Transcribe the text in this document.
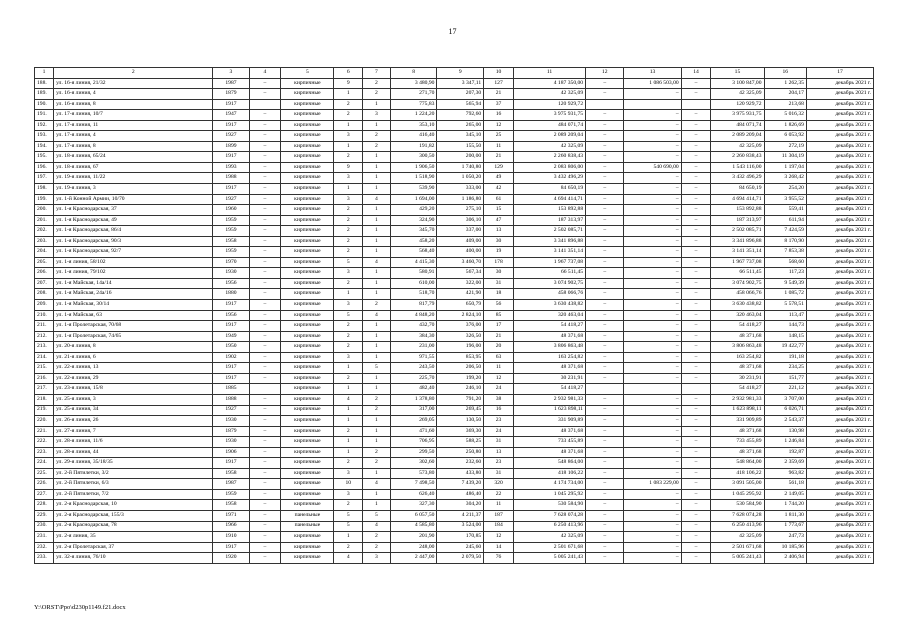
17
1	2	3	4	5	6	7	8	9	10	11	12	13	14	15	16	17
188.	ул. 16-я линия, 21/32	1987	–	кирпичные	9	2	3 480,90	3 347,11	127	4 187 350,00	–	1 086 503,00	–	3 100 847,00	1 262,35	декабрь 2021 г.
189.	ул. 16-я линия, 4	1879	–	кирпичные	1	2	271,70	207,30	21	42 325,09	–	–	–	42 325,09	204,17	декабрь 2021 г.
190.	ул. 16-я линия, 8	1917		кирпичные	2	1	775,83	565,94	37	120 929,72				120 929,72	213,68	декабрь 2021 г.
191.	ул. 17-я линия, 10/7	1947	–	кирпичные	2	3	1 224,20	792,60	16	3 975 931,75	–	–	–	3 975 931,75	5 016,32	декабрь 2021 г.
192.	ул. 17-я линия, 11	1917	–	кирпичные	1	1	353,10	265,00	12	484 071,74	–	–	–	484 071,74	1 826,69	декабрь 2021 г.
193.	ул. 17-я линия, 4	1927	–	кирпичные	3	2	416,40	345,10	25	2 089 209,04	–	–	–	2 089 209,04	6 053,92	декабрь 2021 г.
194.	ул. 17-я линия, 8	1899	–	кирпичные	1	2	191,82	155,50	11	42 325,09	–	–	–	42 325,09	272,19	декабрь 2021 г.
195.	ул. 18-я линия, 65/24	1917	–	кирпичные	2	1	300,50	200,00	21	2 260 838,43	–	–	–	2 260 838,43	11 304,19	декабрь 2021 г.
196.	ул. 18-я линия, 67	1993	–	кирпичные	9	1	1 906,50	1 740,80	129	2 083 806,00	–	540 690,00	–	1 543 116,00	1 197,04	декабрь 2021 г.
197.	ул. 19-я линия, 11/22	1988	–	кирпичные	3	1	1 518,90	1 050,20	49	3 432 496,29	–	–	–	3 432 496,29	3 268,42	декабрь 2021 г.
198.	ул. 19-я линия, 3	1917	–	кирпичные	1	1	539,90	333,00	42	84 650,19	–	–	–	84 650,19	254,20	декабрь 2021 г.
199.	ул. 1-й Конной Армии, 10/70	1927	–	кирпичные	3	4	1 694,00	1 186,80	61	4 694 414,71	–	–	–	4 694 414,71	3 955,52	декабрь 2021 г.
200.	ул. 1-я Краснодарская, 37	1960	–	кирпичные	2	1	429,20	275,10	15	153 892,88	–	–	–	153 892,88	559,41	декабрь 2021 г.
201.	ул. 1-я Краснодарская, 49	1959	–	кирпичные	2	1	324,90	306,10	47	187 313,97	–	–	–	187 313,97	611,94	декабрь 2021 г.
202.	ул. 1-я Краснодарская, 86/4	1959	–	кирпичные	2	1	345,70	337,00	13	2 502 085,71	–	–	–	2 502 085,71	7 424,59	декабрь 2021 г.
203.	ул. 1-я Краснодарская, 90/3	1958	–	кирпичные	2	1	458,20	409,00	30	3 341 896,88	–	–	–	3 341 896,88	8 170,90	декабрь 2021 г.
204.	ул. 1-я Краснодарская, 92/7	1959	–	кирпичные	2	1	568,40	400,00	19	3 141 351,14	–	–	–	3 141 351,14	7 853,38	декабрь 2021 г.
205.	ул. 1-я линия, 58/102	1970	–	кирпичные	5	4	4 415,30	3 460,70	178	1 967 737,08	–	–	–	1 967 737,08	568,60	декабрь 2021 г.
206.	ул. 1-я линия, 79/102	1930	–	кирпичные	3	1	580,91	567,34	30	66 511,45	–	–	–	66 511,45	117,23	декабрь 2021 г.
207.	ул. 1-я Майская, 14а/14	1956	–	кирпичные	2	1	610,00	322,00	31	3 074 902,75	–	–	–	3 074 902,75	9 549,39	декабрь 2021 г.
208.	ул. 1-я Майская, 24а/16	1880	–	кирпичные	1	1	518,70	421,90	18	458 066,76	–	–	–	458 066,76	1 085,72	декабрь 2021 г.
209.	ул. 1-я Майская, 30/14	1917	–	кирпичные	3	2	817,79	650,79	56	3 630 438,82	–	–	–	3 630 438,82	5 578,51	декабрь 2021 г.
210.	ул. 1-я Майская, 63	1956	–	кирпичные	5	4	4 848,20	2 824,10	85	320 463,04	–	–	–	320 463,04	113,47	декабрь 2021 г.
211.	ул. 1-я Пролетарская, 70/68	1917	–	кирпичные	2	1	432,70	376,00	17	54 418,27	–	–	–	54 418,27	144,73	декабрь 2021 г.
212.	ул. 1-я Пролетарская, 74/65	1949	–	кирпичные	2	1	384,30	326,50	21	48 371,68	–	–	–	48 371,68	148,15	декабрь 2021 г.
213.	ул. 20-я линия, 8	1950	–	кирпичные	2	1	231,00	196,00	20	3 806 863,48	–	–	–	3 806 863,48	19 422,77	декабрь 2021 г.
214.	ул. 21-я линия, 6	1902	–	кирпичные	3	1	971,55	853,95	63	163 254,82	–	–	–	163 254,82	191,18	декабрь 2021 г.
215.	ул. 22-я линия, 13	1917	–	кирпичные	1	5	243,50	206,50	11	48 371,68	–	–	–	48 371,68	234,25	декабрь 2021 г.
216.	ул. 22-я линия, 29	1917	–	кирпичные	2	1	225,70	199,20	12	30 231,91	–	–	–	30 231,91	151,77	декабрь 2021 г.
217.	ул. 23-я линия, 15/8	1885		кирпичные	1	1	482,40	246,10	24	54 418,27				54 418,27	221,12	декабрь 2021 г.
218.	ул. 25-я линия, 3	1888	–	кирпичные	4	2	1 378,80	791,20	38	2 932 981,33	–	–	–	2 932 981,33	3 707,00	декабрь 2021 г.
219.	ул. 25-я линия, 34	1927	–	кирпичные	1	2	317,00	269,45	16	1 623 898,11	–	–	–	1 623 898,11	6 026,71	декабрь 2021 г.
220.	ул. 26-я линия, 26	1930	–	кирпичные	1	1	269,05	130,50	23	331 909,89	–	–	–	331 909,89	2 543,37	декабрь 2021 г.
221.	ул. 27-я линия, 7	1879	–	кирпичные	2	1	471,60	369,30	24	48 371,68	–	–	–	48 371,68	130,98	декабрь 2021 г.
222.	ул. 28-я линия, 11/6	1930	–	кирпичные	1	1	706,95	588,25	31	733 455,89	–	–	–	733 455,89	1 246,84	декабрь 2021 г.
223.	ул. 28-я линия, 44	1906	–	кирпичные	1	2	299,50	250,80	13	48 371,68	–	–	–	48 371,68	192,87	декабрь 2021 г.
224.	ул. 29-я линия, 35/18/35	1917	–	кирпичные	2	2	302,60	232,60	23	548 864,00	–	–	–	548 864,00	2 359,69	декабрь 2021 г.
225.	ул. 2-й Пятилетки, 3/2	1958	–	кирпичные	3	1	573,80	433,80	31	418 106,22	–	–	–	418 106,22	963,82	декабрь 2021 г.
226.	ул. 2-й Пятилетки, 6/3	1987	–	кирпичные	10	4	7 498,50	7 439,20	320	4 174 734,00	–	1 083 229,00	–	3 091 505,00	561,18	декабрь 2021 г.
227.	ул. 2-й Пятилетки, 7/2	1959	–	кирпичные	3	1	626,40	486,40	22	1 045 295,92	–	–	–	1 045 295,92	2 149,05	декабрь 2021 г.
228.	ул. 2-я Краснодарская, 10	1958	–	кирпичные	2	1	327,30	304,20	11	530 584,90	–	–	–	530 584,90	1 744,20	декабрь 2021 г.
229.	ул. 2-я Краснодарская, 155/3	1971	–	панельные	5	5	6 057,50	4 211,37	187	7 628 074,28	–	–	–	7 628 074,28	1 811,30	декабрь 2021 г.
230.	ул. 2-я Краснодарская, 78	1966	–	панельные	5	4	4 585,80	3 524,00	184	6 250 413,96	–	–	–	6 250 413,96	1 773,67	декабрь 2021 г.
231.	ул. 2-я линия, 35	1910	–	кирпичные	1	2	201,90	170,85	12	42 325,09	–	–	–	42 325,09	247,73	декабрь 2021 г.
232.	ул. 2-я Пролетарская, 37	1917	–	кирпичные	2	2	248,00	245,60	14	2 501 671,68	–	–	–	2 501 671,68	10 185,96	декабрь 2021 г.
233.	ул. 32-я линия, 76/10	1920	–	кирпичные	4	3	2 447,00	2 079,50	76	5 005 241,43	–	–	–	5 005 241,43	2 406,94	декабрь 2021 г.
Y:\ORST\Ppo\d230p1149.f21.docx
